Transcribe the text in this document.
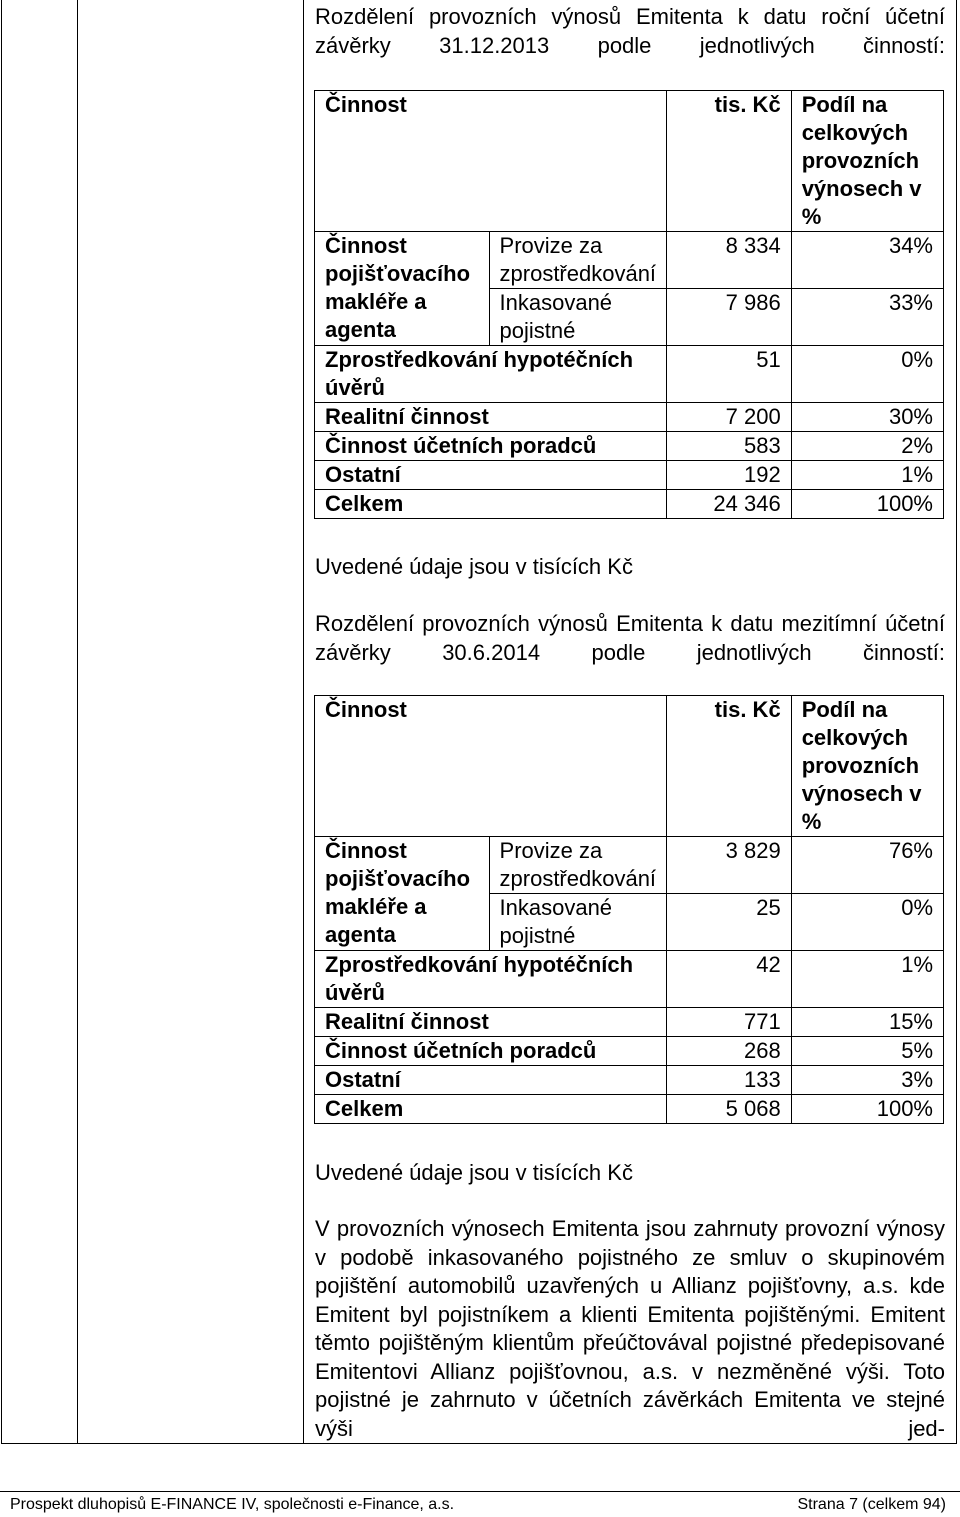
Rozdělení provozních výnosů Emitenta k datu roční účetní závěrky 31.12.2013 podle jednotlivých činností:
Činnost		tis. Kč	Podíl na celkových provozních výnosech v %
Činnost pojišťovacího makléře a agenta	Provize za zprostředkování	8 334	34%
	Inkasované pojistné	7 986	33%
Zprostředkování hypotéčních úvěrů		51	0%
Realitní činnost		7 200	30%
Činnost účetních poradců		583	2%
Ostatní		192	1%
Celkem		24 346	100%
Uvedené údaje jsou v tisících Kč
Rozdělení provozních výnosů Emitenta k datu mezitímní účetní závěrky 30.6.2014 podle jednotlivých činností:
Činnost		tis. Kč	Podíl na celkových provozních výnosech v %
Činnost pojišťovacího makléře a agenta	Provize za zprostředkování	3 829	76%
	Inkasované pojistné	25	0%
Zprostředkování hypotéčních úvěrů		42	1%
Realitní činnost		771	15%
Činnost účetních poradců		268	5%
Ostatní		133	3%
Celkem		5 068	100%
Uvedené údaje jsou v tisících Kč
V provozních výnosech Emitenta jsou zahrnuty provozní výnosy v podobě inkasovaného pojistného ze smluv o skupinovém pojištění automobilů uzavřených u Allianz pojišťovny, a.s. kde Emitent byl pojistníkem a klienti Emitenta pojištěnými. Emitent těmto pojištěným klientům přeúčtovával pojistné předepisované Emitentovi Allianz pojišťovnou, a.s. v nezměněné výši. Toto pojistné je zahrnuto v účetních závěrkách Emitenta ve stejné výši jed-
Prospekt dluhopisů E-FINANCE IV, společnosti e-Finance, a.s.	Strana 7 (celkem 94)
